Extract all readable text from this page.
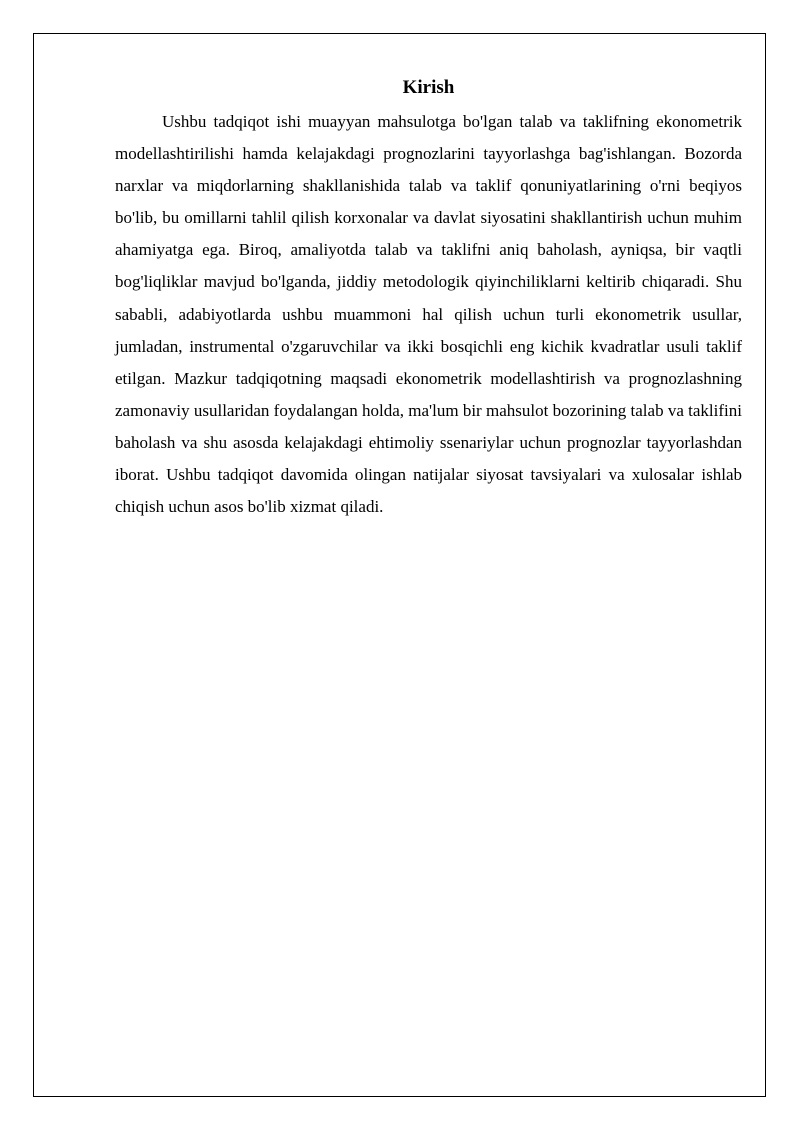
Kirish

Ushbu tadqiqot ishi muayyan mahsulotga bo'lgan talab va taklifning ekonometrik modellashtirilishi hamda kelajakdagi prognozlarini tayyorlashga bag'ishlangan. Bozorda narxlar va miqdorlarning shakllanishida talab va taklif qonuniyatlarining o'rni beqiyos bo'lib, bu omillarni tahlil qilish korxonalar va davlat siyosatini shakllantirish uchun muhim ahamiyatga ega. Biroq, amaliyotda talab va taklifni aniq baholash, ayniqsa, bir vaqtli bog'liqliklar mavjud bo'lganda, jiddiy metodologik qiyinchiliklarni keltirib chiqaradi. Shu sababli, adabiyotlarda ushbu muammoni hal qilish uchun turli ekonometrik usullar, jumladan, instrumental o'zgaruvchilar va ikki bosqichli eng kichik kvadratlar usuli taklif etilgan. Mazkur tadqiqotning maqsadi ekonometrik modellashtirish va prognozlashning zamonaviy usullaridan foydalangan holda, ma'lum bir mahsulot bozorining talab va taklifini baholash va shu asosda kelajakdagi ehtimoliy ssenariylar uchun prognozlar tayyorlashdan iborat. Ushbu tadqiqot davomida olingan natijalar siyosat tavsiyalari va xulosalar ishlab chiqish uchun asos bo'lib xizmat qiladi.
